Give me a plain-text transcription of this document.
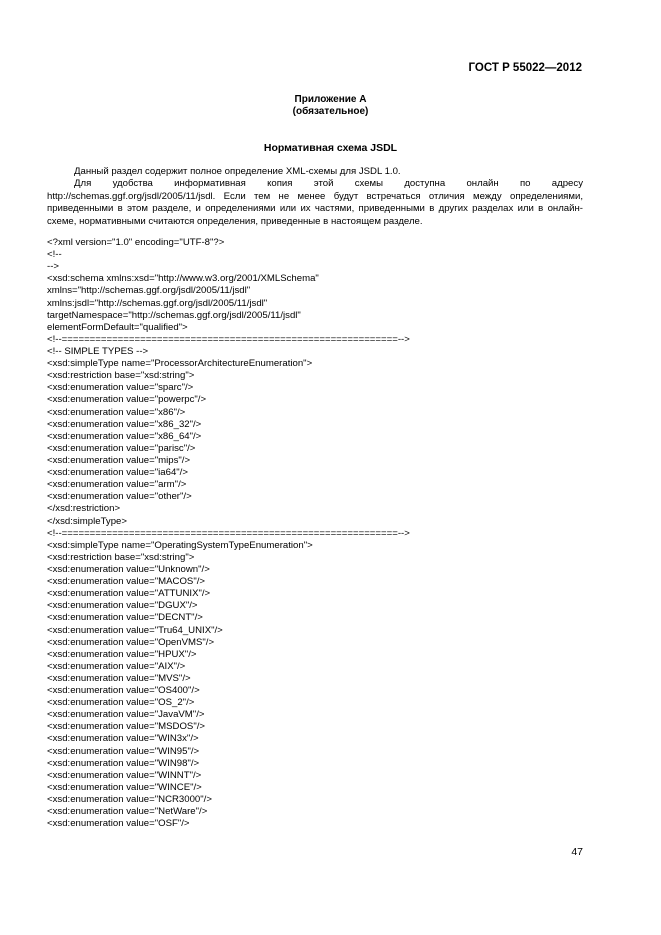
ГОСТ Р 55022—2012
Приложение А
(обязательное)
Нормативная схема JSDL

Данный раздел содержит полное определение XML-схемы для JSDL 1.0.

Для удобства информативная копия этой схемы доступна онлайн по адресу http://schemas.ggf.org/jsdl/2005/11/jsdl. Если тем не менее будут встречаться отличия между определениями, приведенными в этом разделе, и определениями или их частями, приведенными в других разделах или в онлайн-схеме, нормативными считаются определения, приведенные в настоящем разделе.

<?xml version="1.0" encoding="UTF-8"?>
<!--
-->
<xsd:schema xmlns:xsd="http://www.w3.org/2001/XMLSchema"
xmlns="http://schemas.ggf.org/jsdl/2005/11/jsdl"
xmlns:jsdl="http://schemas.ggf.org/jsdl/2005/11/jsdl"
targetNamespace="http://schemas.ggf.org/jsdl/2005/11/jsdl"
elementFormDefault="qualified">
<!--============================================================-->
<!-- SIMPLE TYPES -->
<xsd:simpleType name="ProcessorArchitectureEnumeration">
<xsd:restriction base="xsd:string">
<xsd:enumeration value="sparc"/>
<xsd:enumeration value="powerpc"/>
<xsd:enumeration value="x86"/>
<xsd:enumeration value="x86_32"/>
<xsd:enumeration value="x86_64"/>
<xsd:enumeration value="parisc"/>
<xsd:enumeration value="mips"/>
<xsd:enumeration value="ia64"/>
<xsd:enumeration value="arm"/>
<xsd:enumeration value="other"/>
</xsd:restriction>
</xsd:simpleType>
<!--============================================================-->
<xsd:simpleType name="OperatingSystemTypeEnumeration">
<xsd:restriction base="xsd:string">
<xsd:enumeration value="Unknown"/>
<xsd:enumeration value="MACOS"/>
<xsd:enumeration value="ATTUNIX"/>
<xsd:enumeration value="DGUX"/>
<xsd:enumeration value="DECNT"/>
<xsd:enumeration value="Tru64_UNIX"/>
<xsd:enumeration value="OpenVMS"/>
<xsd:enumeration value="HPUX"/>
<xsd:enumeration value="AIX"/>
<xsd:enumeration value="MVS"/>
<xsd:enumeration value="OS400"/>
<xsd:enumeration value="OS_2"/>
<xsd:enumeration value="JavaVM"/>
<xsd:enumeration value="MSDOS"/>
<xsd:enumeration value="WIN3x"/>
<xsd:enumeration value="WIN95"/>
<xsd:enumeration value="WIN98"/>
<xsd:enumeration value="WINNT"/>
<xsd:enumeration value="WINCE"/>
<xsd:enumeration value="NCR3000"/>
<xsd:enumeration value="NetWare"/>
<xsd:enumeration value="OSF"/>
47
